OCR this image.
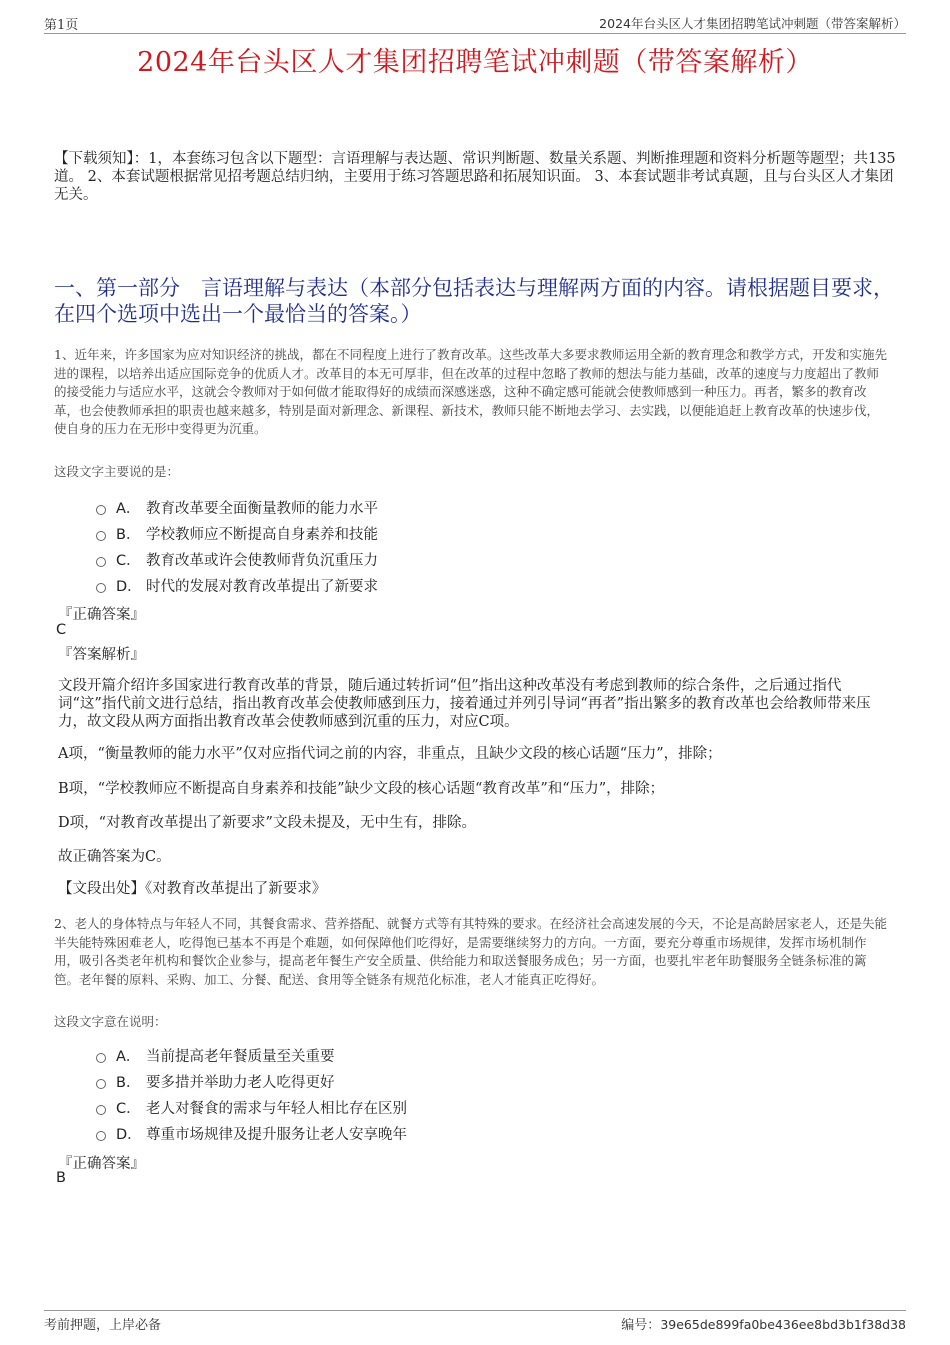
第1页	2024年台头区人才集团招聘笔试冲刺题（带答案解析）
2024年台头区人才集团招聘笔试冲刺题（带答案解析）
【下载须知】：1，本套练习包含以下题型：言语理解与表达题、常识判断题、数量关系题、判断推理题和资料分析题等题型；共135道。 2、本套试题根据常见招考题总结归纳，主要用于练习答题思路和拓展知识面。 3、本套试题非考试真题，且与台头区人才集团无关。
一、第一部分　言语理解与表达（本部分包括表达与理解两方面的内容。请根据题目要求，在四个选项中选出一个最恰当的答案。）
1、近年来，许多国家为应对知识经济的挑战，都在不同程度上进行了教育改革。这些改革大多要求教师运用全新的教育理念和教学方式，开发和实施先进的课程，以培养出适应国际竞争的优质人才。改革目的本无可厚非，但在改革的过程中忽略了教师的想法与能力基础，改革的速度与力度超出了教师的接受能力与适应水平，这就会令教师对于如何做才能取得好的成绩而深感迷惑，这种不确定感可能就会使教师感到一种压力。再者，繁多的教育改革，也会使教师承担的职责也越来越多，特别是面对新理念、新课程、新技术，教师只能不断地去学习、去实践，以便能追赶上教育改革的快速步伐，使自身的压力在无形中变得更为沉重。
这段文字主要说的是：
A． 教育改革要全面衡量教师的能力水平
B． 学校教师应不断提高自身素养和技能
C． 教育改革或许会使教师背负沉重压力
D． 时代的发展对教育改革提出了新要求
『正确答案』
C
『答案解析』
文段开篇介绍许多国家进行教育改革的背景，随后通过转折词“但”指出这种改革没有考虑到教师的综合条件，之后通过指代词“这”指代前文进行总结，指出教育改革会使教师感到压力，接着通过并列引导词“再者”指出繁多的教育改革也会给教师带来压力，故文段从两方面指出教育改革会使教师感到沉重的压力，对应C项。
A项，“衡量教师的能力水平”仅对应指代词之前的内容，非重点，且缺少文段的核心话题“压力”，排除；
B项，“学校教师应不断提高自身素养和技能”缺少文段的核心话题“教育改革”和“压力”，排除；
D项，“对教育改革提出了新要求”文段未提及，无中生有，排除。
故正确答案为C。
【文段出处】《对教育改革提出了新要求》
2、老人的身体特点与年轻人不同，其餐食需求、营养搭配、就餐方式等有其特殊的要求。在经济社会高速发展的今天，不论是高龄居家老人，还是失能半失能特殊困难老人，吃得饱已基本不再是个难题，如何保障他们吃得好，是需要继续努力的方向。一方面，要充分尊重市场规律，发挥市场机制作用，吸引各类老年机构和餐饮企业参与，提高老年餐生产安全质量、供给能力和取送餐服务成色；另一方面，也要扎牢老年助餐服务全链条标准的篱笆。老年餐的原料、采购、加工、分餐、配送、食用等全链条有规范化标准，老人才能真正吃得好。
这段文字意在说明：
A． 当前提高老年餐质量至关重要
B． 要多措并举助力老人吃得更好
C． 老人对餐食的需求与年轻人相比存在区别
D． 尊重市场规律及提升服务让老人安享晚年
『正确答案』
B
考前押题，上岸必备	编号：39e65de899fa0be436ee8bd3b1f38d38
